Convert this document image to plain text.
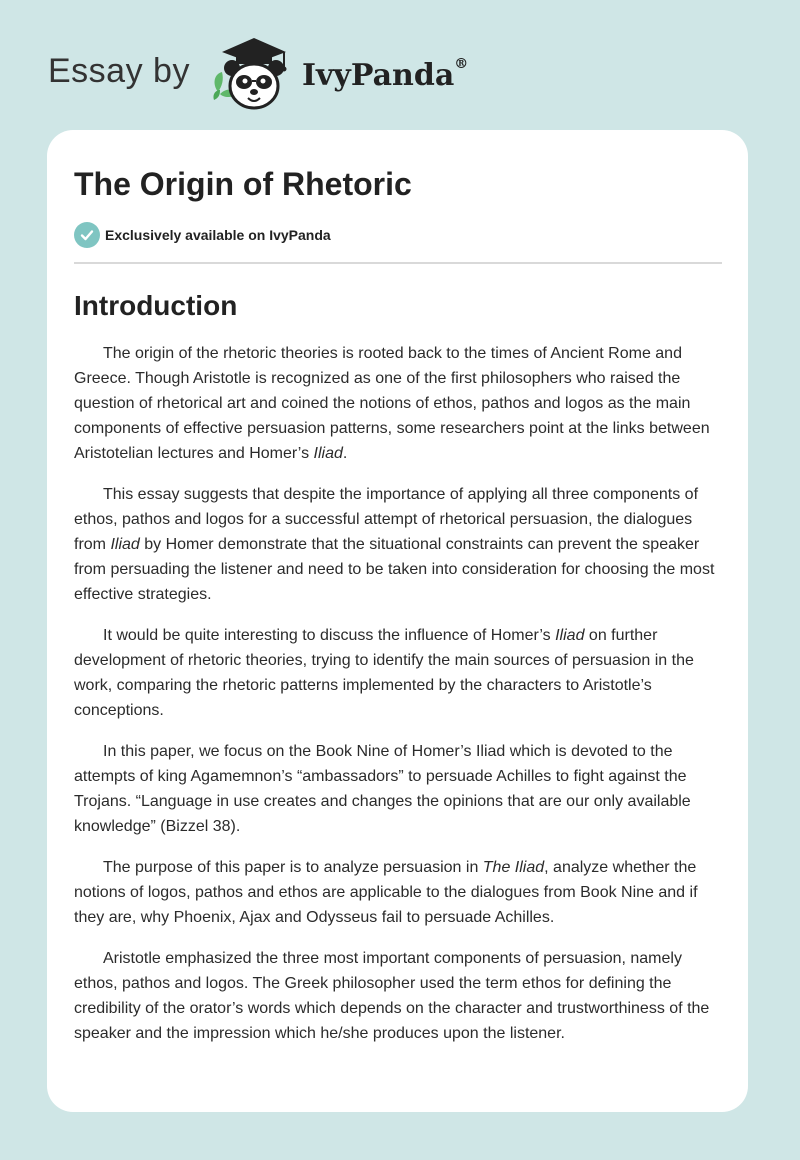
Essay by	IvyPanda®
The Origin of Rhetoric
Exclusively available on IvyPanda
Introduction

The origin of the rhetoric theories is rooted back to the times of Ancient Rome and Greece. Though Aristotle is recognized as one of the first philosophers who raised the question of rhetorical art and coined the notions of ethos, pathos and logos as the main components of effective persuasion patterns, some researchers point at the links between Aristotelian lectures and Homer’s Iliad.

This essay suggests that despite the importance of applying all three components of ethos, pathos and logos for a successful attempt of rhetorical persuasion, the dialogues from Iliad by Homer demonstrate that the situational constraints can prevent the speaker from persuading the listener and need to be taken into consideration for choosing the most effective strategies.

It would be quite interesting to discuss the influence of Homer’s Iliad on further development of rhetoric theories, trying to identify the main sources of persuasion in the work, comparing the rhetoric patterns implemented by the characters to Aristotle’s conceptions.

In this paper, we focus on the Book Nine of Homer’s Iliad which is devoted to the attempts of king Agamemnon’s “ambassadors” to persuade Achilles to fight against the Trojans. “Language in use creates and changes the opinions that are our only available knowledge” (Bizzel 38).

The purpose of this paper is to analyze persuasion in The Iliad, analyze whether the notions of logos, pathos and ethos are applicable to the dialogues from Book Nine and if they are, why Phoenix, Ajax and Odysseus fail to persuade Achilles.

Aristotle emphasized the three most important components of persuasion, namely ethos, pathos and logos. The Greek philosopher used the term ethos for defining the credibility of the orator’s words which depends on the character and trustworthiness of the speaker and the impression which he/she produces upon the listener.
